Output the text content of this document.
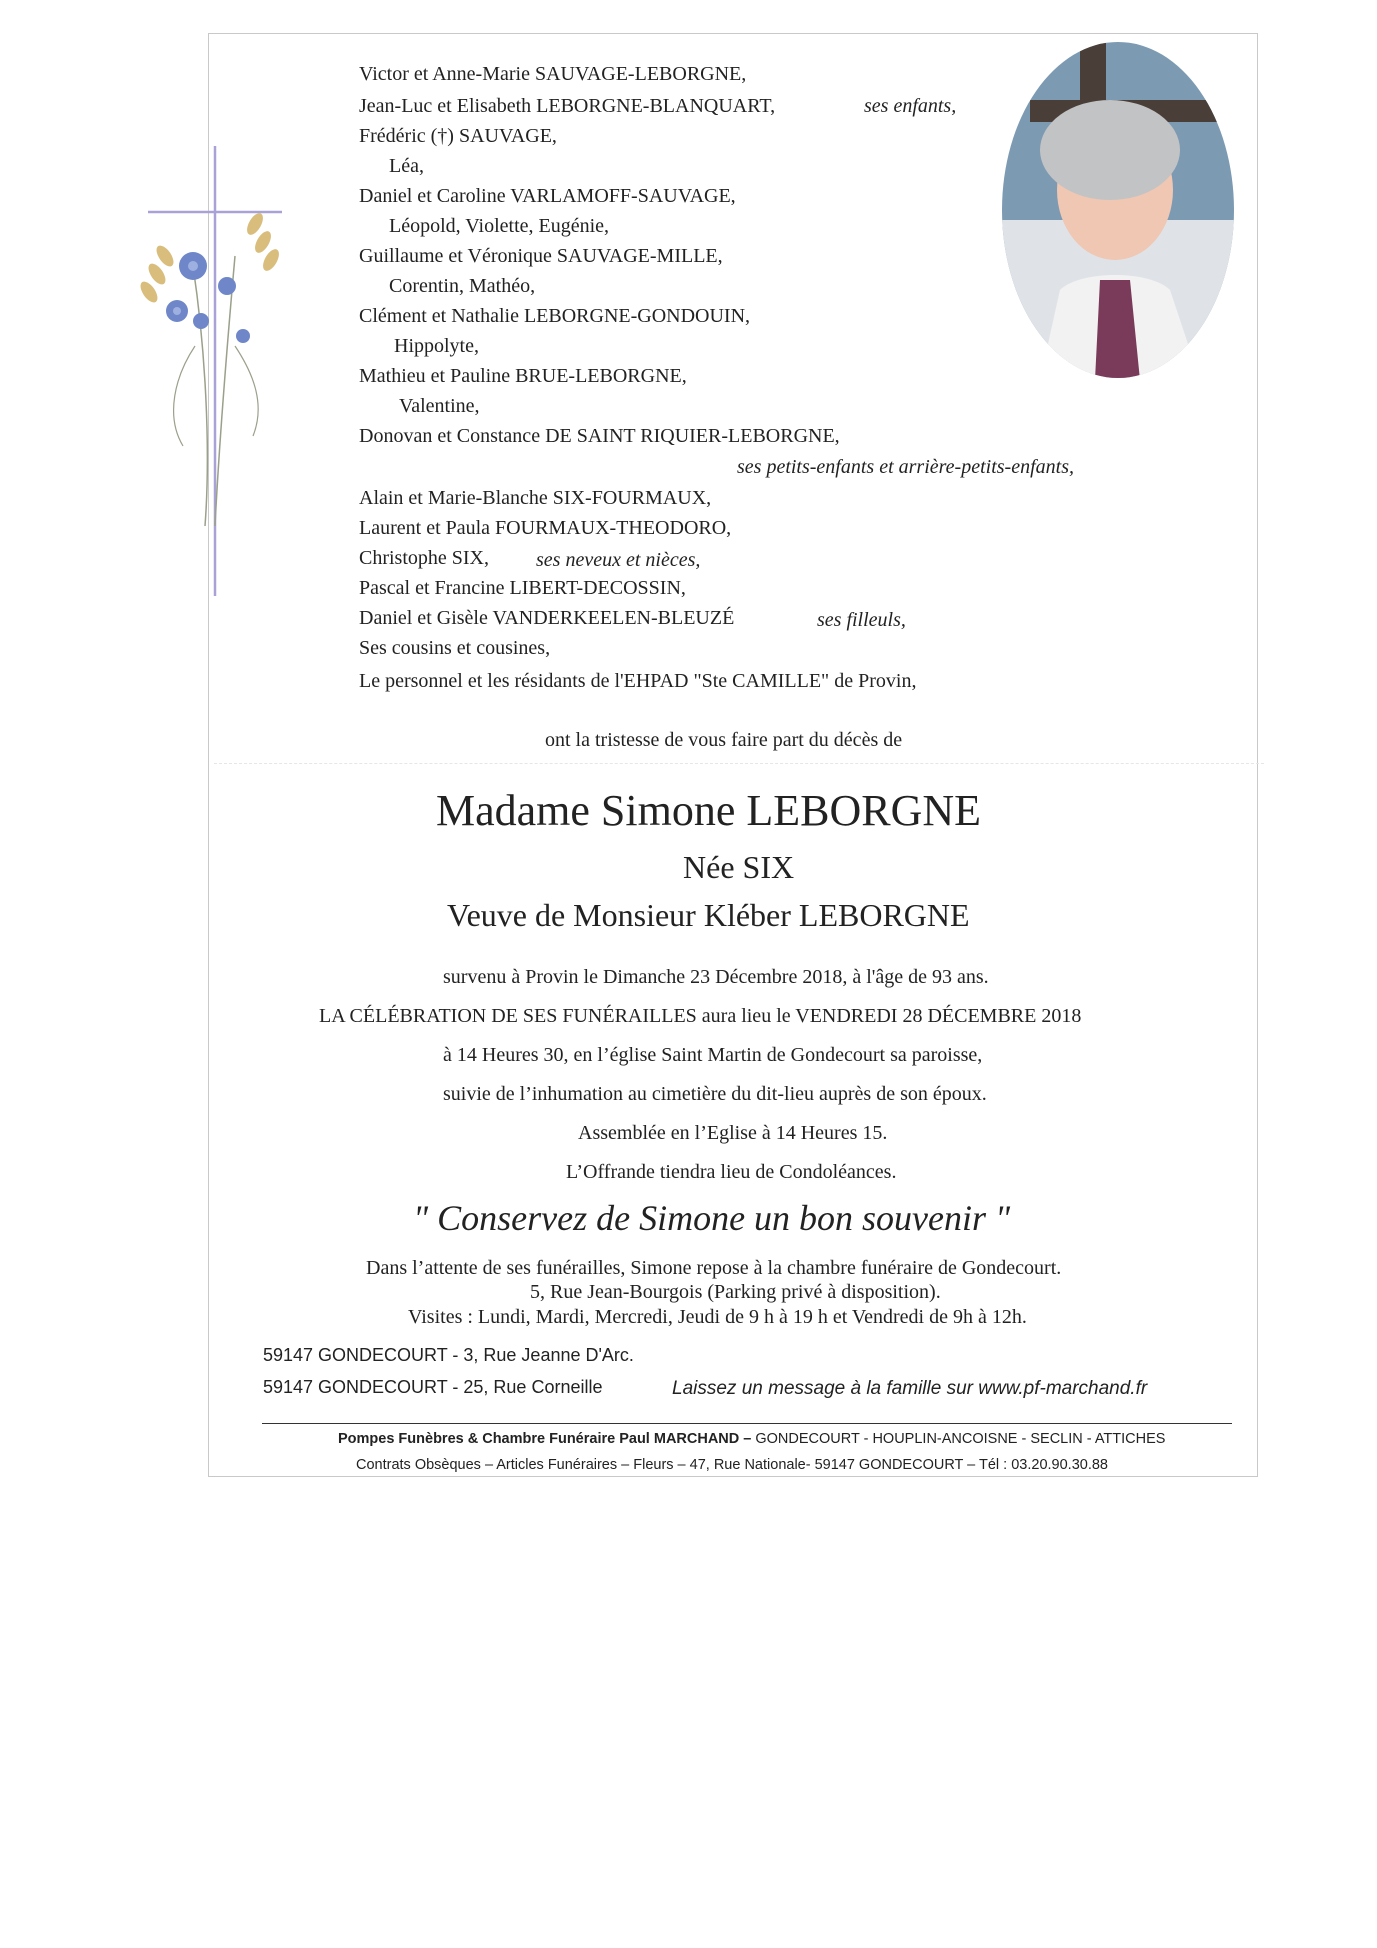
Victor et Anne-Marie SAUVAGE-LEBORGNE,
Jean-Luc et Elisabeth LEBORGNE-BLANQUART,	ses enfants,
Frédéric (†) SAUVAGE,
Léa,
Daniel et Caroline VARLAMOFF-SAUVAGE,
Léopold, Violette, Eugénie,
Guillaume et Véronique SAUVAGE-MILLE,
Corentin, Mathéo,
Clément et Nathalie LEBORGNE-GONDOUIN,
Hippolyte,
Mathieu et Pauline BRUE-LEBORGNE,
Valentine,
Donovan et Constance DE SAINT RIQUIER-LEBORGNE,
ses petits-enfants et arrière-petits-enfants,
Alain et Marie-Blanche SIX-FOURMAUX,
Laurent et Paula FOURMAUX-THEODORO,
Christophe SIX, ses neveux et nièces,
Pascal et Francine LIBERT-DECOSSIN,
Daniel et Gisèle VANDERKEELEN-BLEUZÉ	ses filleuls,
Ses cousins et cousines,
Le personnel et les résidants de l'EHPAD "Ste CAMILLE" de Provin,
ont la tristesse de vous faire part du décès de
Madame Simone LEBORGNE
Née SIX
Veuve de Monsieur Kléber LEBORGNE
survenu à Provin le Dimanche 23 Décembre 2018, à l'âge de 93 ans.
LA CÉLÉBRATION DE SES FUNÉRAILLES aura lieu le VENDREDI 28 DÉCEMBRE 2018
à 14 Heures 30, en l’église Saint Martin de Gondecourt sa paroisse,
suivie de l’inhumation au cimetière du dit-lieu auprès de son époux.
Assemblée en l’Eglise à 14 Heures 15.
L’Offrande tiendra lieu de Condoléances.
" Conservez de Simone un bon souvenir "
Dans l’attente de ses funérailles, Simone repose à la chambre funéraire de Gondecourt.
5, Rue Jean-Bourgois (Parking privé à disposition).
Visites : Lundi, Mardi, Mercredi, Jeudi de 9 h à 19 h et Vendredi de 9h à 12h.
59147 GONDECOURT - 3, Rue Jeanne D'Arc.
59147 GONDECOURT - 25, Rue Corneille	Laissez un message à la famille sur www.pf-marchand.fr
Pompes Funèbres & Chambre Funéraire Paul MARCHAND – GONDECOURT - HOUPLIN-ANCOISNE - SECLIN - ATTICHES
Contrats Obsèques – Articles Funéraires – Fleurs – 47, Rue Nationale- 59147 GONDECOURT – Tél : 03.20.90.30.88
